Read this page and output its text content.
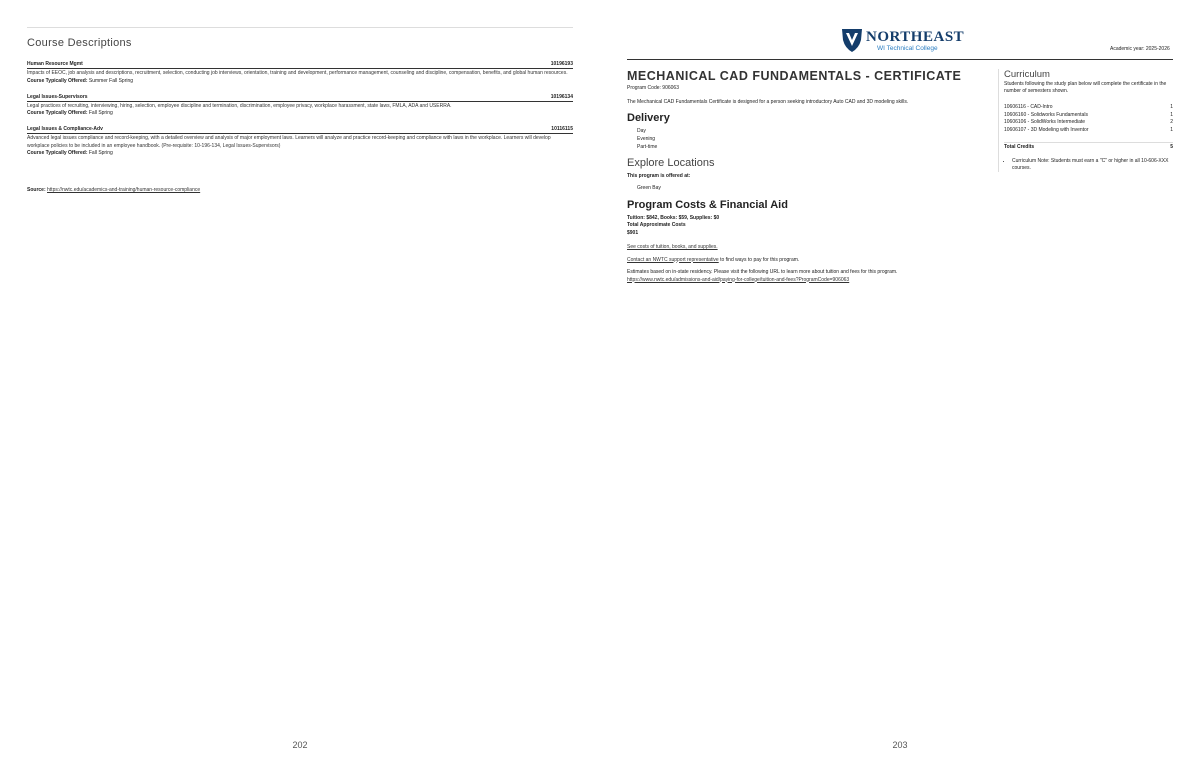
Course Descriptions
Human Resource Mgmt	10196193
Impacts of EEOC, job analysis and descriptions, recruitment, selection, conducting job interviews, orientation, training and development, performance management, counseling and discipline, compensation, benefits, and global human resources.
Course Typically Offered: Summer Fall Spring
Legal Issues-Supervisors	10196134
Legal practices of recruiting, interviewing, hiring, selection, employee discipline and termination, discrimination, employee privacy, workplace harassment, state laws, FMLA, ADA and USERRA.
Course Typically Offered: Fall Spring
Legal Issues & Compliance-Adv	10116115
Advanced legal issues compliance and record-keeping, with a detailed overview and analysis of major employment laws. Learners will analyze and practice record-keeping and compliance with laws in the workplace. Learners will develop workplace policies to be included in an employee handbook. (Pre-requisite: 10-196-134, Legal Issues-Supervisors)
Course Typically Offered: Fall Spring
Source: https://nwtc.edu/academics-and-training/human-resource-compliance
202
NORTHEAST
WI Technical College	Academic year: 2025-2026
MECHANICAL CAD FUNDAMENTALS - CERTIFICATE
Program Code: 906063
The Mechanical CAD Fundamentals Certificate is designed for a person seeking introductory Auto CAD and 3D modeling skills.
Delivery
Day
Evening
Part-time
Explore Locations
This program is offered at:
Green Bay
Program Costs & Financial Aid
Tuition: $842, Books: $59, Supplies: $0
Total Approximate Costs
$901
See costs of tuition, books, and supplies.
Contact an NWTC support representative to find ways to pay for this program.
Estimates based on in-state residency. Please visit the following URL to learn more about tuition and fees for this program.
https://www.nwtc.edu/admissions-and-aid/paying-for-college/tuition-and-fees?ProgramCode=906063
Curriculum
Students following the study plan below will complete the certificate in the number of semesters shown.
10606116 - CAD-Intro	1
10606160 - Solidworks Fundamentals	1
10606106 - SolidWorks Intermediate	2
10606107 - 3D Modeling with Inventor	1
Total Credits	5
• Curriculum Note: Students must earn a "C" or higher in all 10-606-XXX courses.
203
